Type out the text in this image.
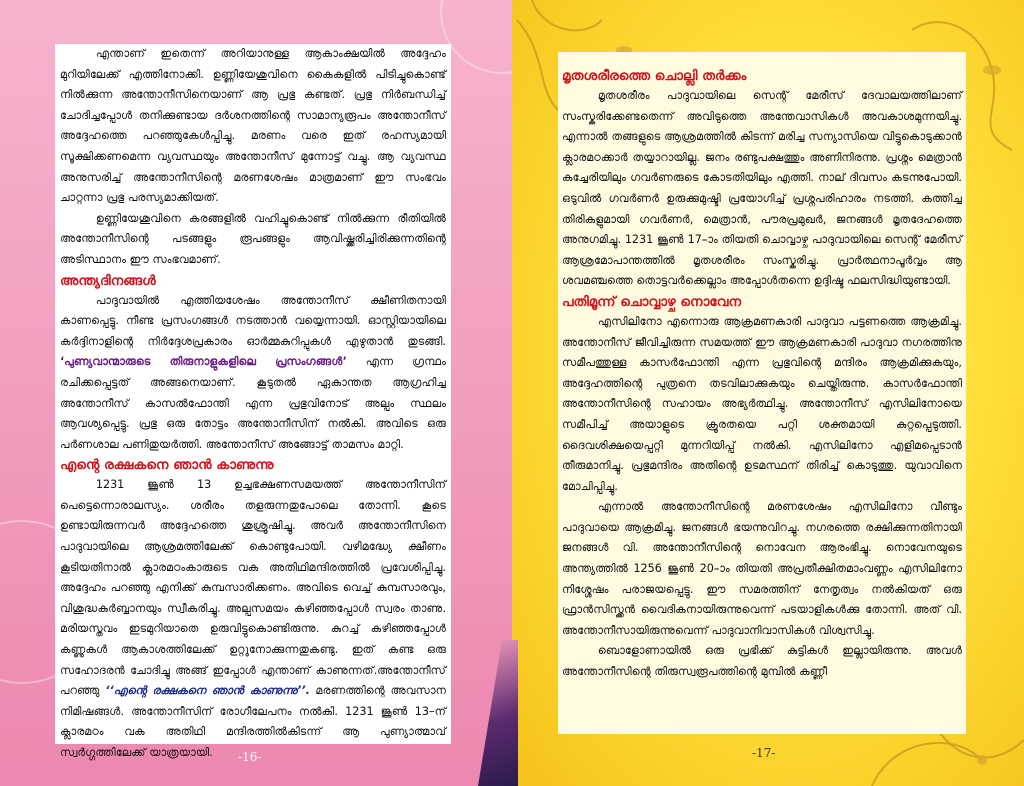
എന്താണ് ഇതെന്ന് അറിയാനുള്ള ആകാംക്ഷയിൽ അദ്ദേഹം മുറിയിലേക്ക് എത്തിനോക്കി. ഉണ്ണിയേശുവിനെ കൈകളിൽ പിടിച്ചുകൊണ്ട് നിൽക്കുന്ന അന്തോനീസിനെയാണ് ആ പ്രഭു കണ്ടത്. പ്രഭു നിർബന്ധിച്ച് ചോദിച്ചപ്പോൾ തനിക്കുണ്ടായ ദർശനത്തിന്റെ സാമാന്യരൂപം അന്തോനീസ് അദ്ദേഹത്തെ പറഞ്ഞുകേൾപ്പിച്ചു. മരണം വരെ ഇത് രഹസ്യമായി സൂക്ഷിക്കണമെന്ന വ്യവസ്ഥയും അന്തോനീസ് മുന്നോട്ട് വച്ചു. ആ വ്യവസ്ഥ അനുസരിച്ച് അന്തോനീസിന്റെ മരണശേഷം മാത്രമാണ് ഈ സംഭവം ചാറ്റന്നാ പ്രഭു പരസ്യമാക്കിയത്.

ഉണ്ണിയേശുവിനെ കരങ്ങളിൽ വഹിച്ചുകൊണ്ട് നിൽക്കുന്ന രീതിയിൽ അന്തോനീസിന്റെ പടങ്ങളും രൂപങ്ങളും ആവിഷ്ക്കരിച്ചിരിക്കുന്നതിന്റെ അടിസ്ഥാനം ഈ സംഭവമാണ്.

അന്ത്യദിനങ്ങൾ

പാദുവായിൽ എത്തിയശേഷം അന്തോനീസ് ക്ഷീണിതനായി കാണപ്പെട്ടു. നീണ്ട പ്രസംഗങ്ങൾ നടത്താൻ വയ്യെന്നായി. ഓസ്റ്റിയായിലെ കർദ്ദിനാളിന്റെ നിർദ്ദേശപ്രകാരം ഓർമ്മകുറിപ്പുകൾ എഴുതാൻ തുടങ്ങി. ‘പുണ്യവാന്മാരുടെ തിരുനാളുകളിലെ പ്രസംഗങ്ങൾ’ എന്ന ഗ്രന്ഥം രചിക്കപ്പെട്ടത് അങ്ങനെയാണ്. കൂടുതൽ ഏകാന്തത ആഗ്രഹിച്ച അന്തോനീസ് കാസൽഫോന്തി എന്ന പ്രഭുവിനോട് അല്പം സ്ഥലം ആവശ്യപ്പെട്ടു. പ്രഭു ഒരു തോട്ടം അന്തോനീസിന് നൽകി. അവിടെ ഒരു പർണശാല പണിതുയർത്തി. അന്തോനീസ് അങ്ങോട്ട് താമസം മാറ്റി.

എന്റെ രക്ഷകനെ ഞാൻ കാണുന്നു

1231 ജൂൺ 13 ഉച്ചഭക്ഷണസമയത്ത് അന്തോനീസിന് പെട്ടെന്നൊരാലസ്യം. ശരീരം തളരുന്നതുപോലെ തോന്നി. കൂടെ ഉണ്ടായിരുന്നവർ അദ്ദേഹത്തെ ശുശ്രൂഷിച്ചു. അവർ അന്തോനീസിനെ പാദുവായിലെ ആശ്രമത്തിലേക്ക് കൊണ്ടുപോയി. വഴിമദ്ധ്യേ ക്ഷീണം കൂടിയതിനാൽ ക്ലാരമഠംകാരുടെ വക അതിഥിമന്ദിരത്തിൽ പ്രവേശിപ്പിച്ചു. അദ്ദേഹം പറഞ്ഞു എനിക്ക് കുമ്പസാരിക്കണം. അവിടെ വെച്ച് കുമ്പസാരവും, വിശുദ്ധകുർബ്ബാനയും സ്വീകരിച്ചു. അല്പസമയം കഴിഞ്ഞപ്പോൾ സ്വരം താണു. മരിയസ്തവം ഇടമുറിയാതെ ഉരുവിട്ടുകൊണ്ടിരുന്നു. കുറച്ച് കഴിഞ്ഞപ്പോൾ കണ്ണുകൾ ആകാശത്തിലേക്ക് ഉറ്റുനോക്കുന്നതുകണ്ടു. ഇത് കണ്ട ഒരു സഹോദരൻ ചോദിച്ചു അങ്ങ് ഇപ്പോൾ എന്താണ് കാണുന്നത്.അന്തോനീസ് പറഞ്ഞു ‘‘എന്റെ രക്ഷകനെ ഞാൻ കാണുന്നു’’. മരണത്തിന്റെ അവസാന നിമിഷങ്ങൾ. അന്തോനീസിന് രോഗീലേപനം നൽകി. 1231 ജൂൺ 13–ന് ക്ലാരമഠം വക അതിഥി മന്ദിരത്തിൽകിടന്ന് ആ പുണ്യാത്മാവ് സ്വർഗ്ഗത്തിലേക്ക് യാത്രയായി.	-16-

മൃതശരീരത്തെ ചൊല്ലി തർക്കം

മൃതശരീരം പാദുവായിലെ സെന്റ് മേരീസ് ദേവാലയത്തിലാണ് സംസ്കരിക്കേണ്ടതെന്ന് അവിടുത്തെ അന്തേവാസികൾ അവകാശമുന്നയിച്ചു. എന്നാൽ തങ്ങളുടെ ആശ്രമത്തിൽ കിടന്ന് മരിച്ച സന്യാസിയെ വിട്ടുകൊടുക്കാൻ ക്ലാരമഠക്കാർ തയ്യാറായില്ല. ജനം രണ്ടുപക്ഷത്തും അണിനിരന്നു. പ്രശ്നം മെത്രാൻ കച്ചേരിയിലും ഗവർണരുടെ കോടതിയിലും എത്തി. നാല് ദിവസം കടന്നുപോയി. ഒടുവിൽ ഗവർണർ ഉരുക്കുമുഷ്ടി പ്രയോഗിച്ച് പ്രശ്നപരിഹാരം നടത്തി. കത്തിച്ച തിരികളുമായി ഗവർണർ, മെത്രാൻ, പൗരപ്രമുഖർ, ജനങ്ങൾ മൃതദേഹത്തെ അനുഗമിച്ചു. 1231 ജൂൺ 17–ാം തിയതി ചൊവ്വാഴ്ച പാദുവായിലെ സെന്റ് മേരീസ് ആശ്രമോപാന്തത്തിൽ മൃതശരീരം സംസ്കരിച്ചു. പ്രാർത്ഥനാപൂർവ്വം ആ ശവമഞ്ചത്തെ തൊട്ടവർക്കെല്ലാം അപ്പോൾതന്നെ ഉദ്ദിഷ്ട ഫലസിദ്ധിയുണ്ടായി.

പതിമൂന്ന് ചൊവ്വാഴ്ച നൊവേന

എസിലിനോ എന്നൊരു ആക്രമണകാരി പാദുവാ പട്ടണത്തെ ആക്രമിച്ചു. അന്തോനീസ് ജീവിച്ചിരുന്ന സമയത്ത് ഈ ആക്രമണകാരി പാദുവാ നഗരത്തിനു സമീപത്തുള്ള കാസർഫോന്തി എന്ന പ്രഭുവിന്റെ മന്ദിരം ആക്രമിക്കുകയും, അദ്ദേഹത്തിന്റെ പുത്രനെ തടവിലാക്കുകയും ചെയ്തിരുന്നു. കാസർഫോന്തി അന്തോനീസിന്റെ സഹായം അഭ്യർത്ഥിച്ചു. അന്തോനീസ് എസിലിനോയെ സമീപിച്ച് അയാളുടെ ക്രൂരതയെ പറ്റി ശക്തമായി കുറ്റപ്പെടുത്തി. ദൈവശിക്ഷയെപ്പറ്റി മുന്നറിയിപ്പ് നൽകി. എസിലിനോ എളിമപ്പെടാൻ തീരുമാനിച്ചു. പ്രഭുമന്ദിരം അതിന്റെ ഉടമസ്ഥന് തിരിച്ച് കൊടുത്തു. യുവാവിനെ മോചിപ്പിച്ചു.

എന്നാൽ അന്തോനീസിന്റെ മരണശേഷം എസിലിനോ വീണ്ടും പാദുവായെ ആക്രമിച്ചു. ജനങ്ങൾ ഭയന്നുവിറച്ചു. നഗരത്തെ രക്ഷിക്കുന്നതിനായി ജനങ്ങൾ വി. അന്തോനീസിന്റെ നൊവേന ആരംഭിച്ചു. നൊവേനയുടെ അന്ത്യത്തിൽ 1256 ജൂൺ 20–ാം തിയതി അപ്രതീക്ഷിതമാംവണ്ണം എസിലിനോ നിശ്ശേഷം പരാജയപ്പെട്ടു. ഈ സമരത്തിന് നേതൃത്വം നൽകിയത് ഒരു ഫ്രാൻസിസ്ക്കൻ വൈദികനായിരുന്നുവെന്ന് പടയാളികൾക്കു തോന്നി. അത് വി. അന്തോനീസായിരുന്നുവെന്ന് പാദുവാനിവാസികൾ വിശ്വസിച്ചു.

ബൊളോണായിൽ ഒരു പ്രഭിക്ക് കുട്ടികൾ ഇല്ലായിരുന്നു. അവൾ അന്തോനീസിന്റെ തിരുസ്വരൂപത്തിന്റെ മുമ്പിൽ കണ്ണീ

-17-
